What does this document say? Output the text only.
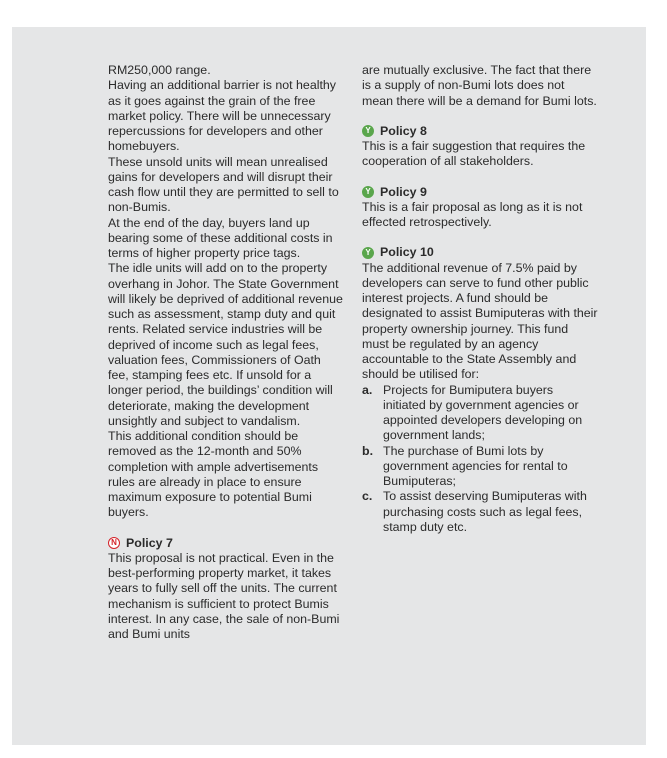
RM250,000 range.

Having an additional barrier is not healthy as it goes against the grain of the free market policy. There will be unnecessary repercussions for developers and other homebuyers.

These unsold units will mean unrealised gains for developers and will disrupt their cash flow until they are permitted to sell to non-Bumis.

At the end of the day, buyers land up bearing some of these additional costs in terms of higher property price tags.

The idle units will add on to the property overhang in Johor. The State Government will likely be deprived of additional revenue such as assessment, stamp duty and quit rents. Related service industries will be deprived of income such as legal fees, valuation fees, Commissioners of Oath fee, stamping fees etc. If unsold for a longer period, the buildings’ condition will deteriorate, making the development unsightly and subject to vandalism.

This additional condition should be removed as the 12-month and 50% completion with ample advertisements rules are already in place to ensure maximum exposure to potential Bumi buyers.

N Policy 7

This proposal is not practical. Even in the best-performing property market, it takes years to fully sell off the units. The current mechanism is sufficient to protect Bumis interest. In any case, the sale of non-Bumi and Bumi units

are mutually exclusive. The fact that there is a supply of non-Bumi lots does not mean there will be a demand for Bumi lots.

Y Policy 8

This is a fair suggestion that requires the cooperation of all stakeholders.

Y Policy 9

This is a fair proposal as long as it is not effected retrospectively.

Y Policy 10

The additional revenue of 7.5% paid by developers can serve to fund other public interest projects. A fund should be designated to assist Bumiputeras with their property ownership journey. This fund must be regulated by an agency accountable to the State Assembly and should be utilised for:

a. Projects for Bumiputera buyers initiated by government agencies or appointed developers developing on government lands;
b. The purchase of Bumi lots by government agencies for rental to Bumiputeras;
c. To assist deserving Bumiputeras with purchasing costs such as legal fees, stamp duty etc.
